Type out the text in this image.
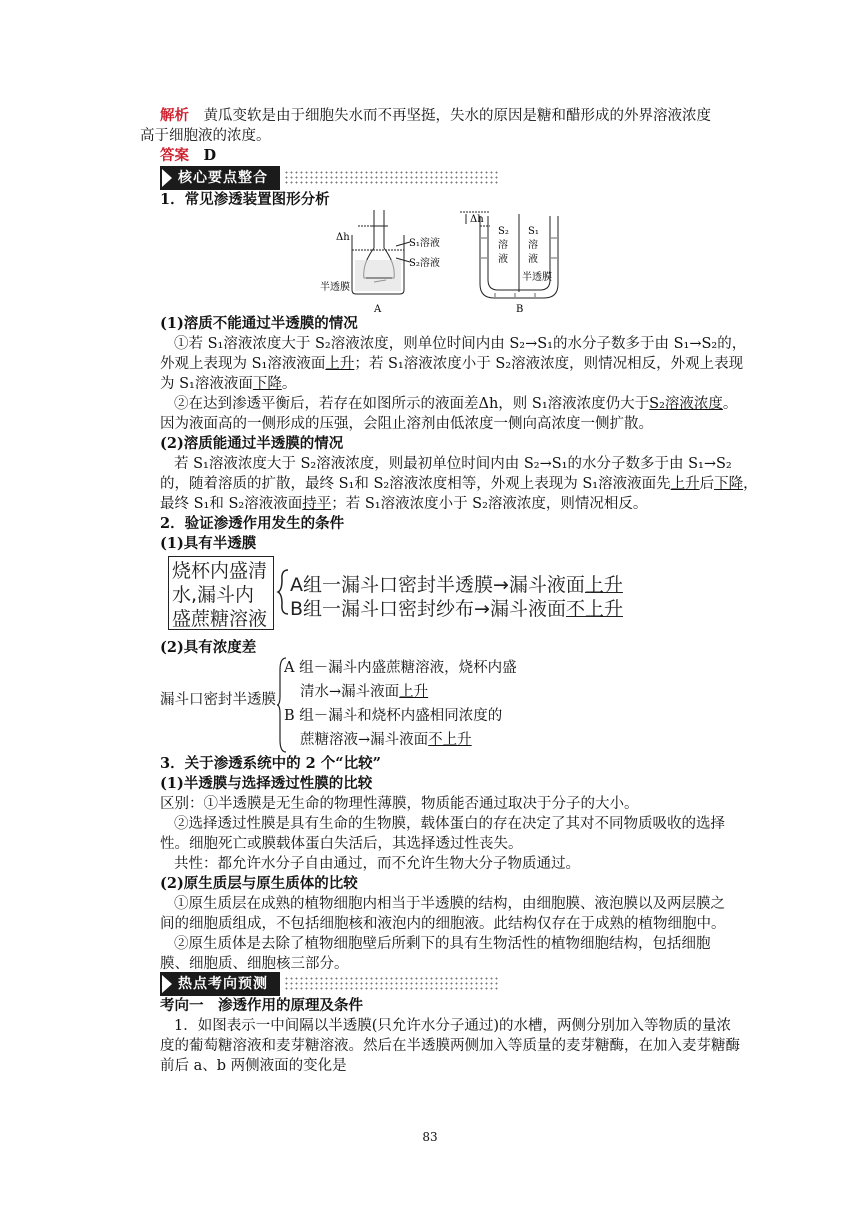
解析　 黄瓜变软是由于细胞失水而不再坚挺，失水的原因是糖和醋形成的外界溶液浓度
高于细胞液的浓度。
答案　 D
核心要点整合
1．常见渗透装置图形分析
Δh
S₁溶液
S₂溶液
半透膜
A
Δh
S₂
溶
液
S₁
溶
液
半透膜
B
(1)溶质不能通过半透膜的情况
①若 S₁溶液浓度大于 S₂溶液浓度，则单位时间内由 S₂→S₁的水分子数多于由 S₁→S₂的，
外观上表现为 S₁溶液液面上升；若 S₁溶液浓度小于 S₂溶液浓度，则情况相反，外观上表现
为 S₁溶液液面下降。
②在达到渗透平衡后，若存在如图所示的液面差Δh，则 S₁溶液浓度仍大于S₂溶液浓度。
因为液面高的一侧形成的压强，会阻止溶剂由低浓度一侧向高浓度一侧扩散。
(2)溶质能通过半透膜的情况
若 S₁溶液浓度大于 S₂溶液浓度，则最初单位时间内由 S₂→S₁的水分子数多于由 S₁→S₂
的，随着溶质的扩散，最终 S₁和 S₂溶液浓度相等，外观上表现为 S₁溶液液面先上升后下降，
最终 S₁和 S₂溶液液面持平；若 S₁溶液浓度小于 S₂溶液浓度，则情况相反。
2．验证渗透作用发生的条件
(1)具有半透膜
烧杯内盛清
水,漏斗内
盛蔗糖溶液
A组一漏斗口密封半透膜→漏斗液面上升
B组一漏斗口密封纱布→漏斗液面不上升
(2)具有浓度差
漏斗口密封半透膜
A 组－漏斗内盛蔗糖溶液，烧杯内盛
清水→漏斗液面上升
B 组－漏斗和烧杯内盛相同浓度的
蔗糖溶液→漏斗液面不上升
3．关于渗透系统中的 2 个“比较”
(1)半透膜与选择透过性膜的比较
区别：①半透膜是无生命的物理性薄膜，物质能否通过取决于分子的大小。
②选择透过性膜是具有生命的生物膜，载体蛋白的存在决定了其对不同物质吸收的选择
性。细胞死亡或膜载体蛋白失活后，其选择透过性丧失。
共性：都允许水分子自由通过，而不允许生物大分子物质通过。
(2)原生质层与原生质体的比较
①原生质层在成熟的植物细胞内相当于半透膜的结构，由细胞膜、液泡膜以及两层膜之
间的细胞质组成，不包括细胞核和液泡内的细胞液。此结构仅存在于成熟的植物细胞中。
②原生质体是去除了植物细胞壁后所剩下的具有生物活性的植物细胞结构，包括细胞
膜、细胞质、细胞核三部分。
热点考向预测
考向一　渗透作用的原理及条件
1．如图表示一中间隔以半透膜(只允许水分子通过)的水槽，两侧分别加入等物质的量浓
度的葡萄糖溶液和麦芽糖溶液。然后在半透膜两侧加入等质量的麦芽糖酶，在加入麦芽糖酶
前后 a、b 两侧液面的变化是
83
